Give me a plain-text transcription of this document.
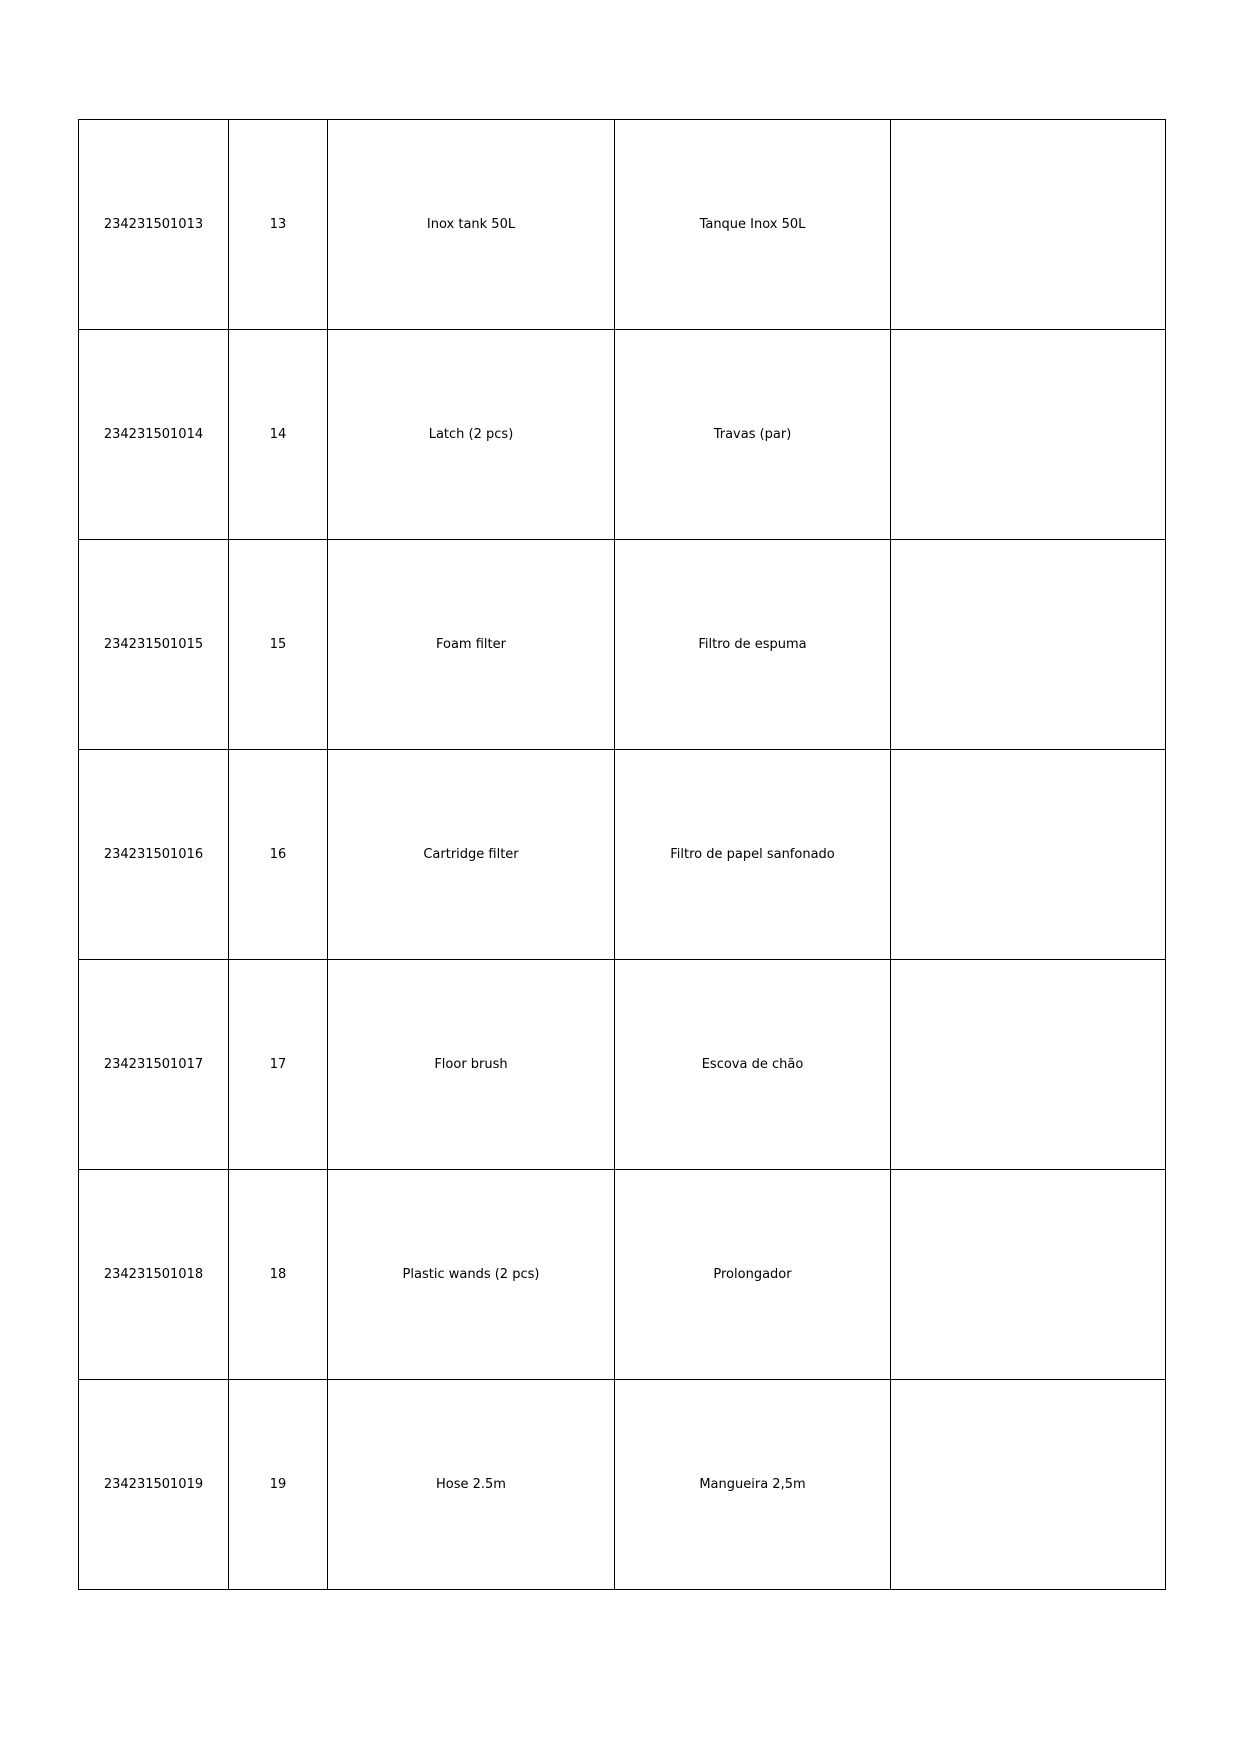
234231501013	13	Inox tank 50L	Tanque Inox 50L	
234231501014	14	Latch (2 pcs)	Travas (par)	
234231501015	15	Foam filter	Filtro de espuma	
234231501016	16	Cartridge filter	Filtro de papel sanfonado	
234231501017	17	Floor brush	Escova de chão	
234231501018	18	Plastic wands (2 pcs)	Prolongador	
234231501019	19	Hose 2.5m	Mangueira 2,5m	
